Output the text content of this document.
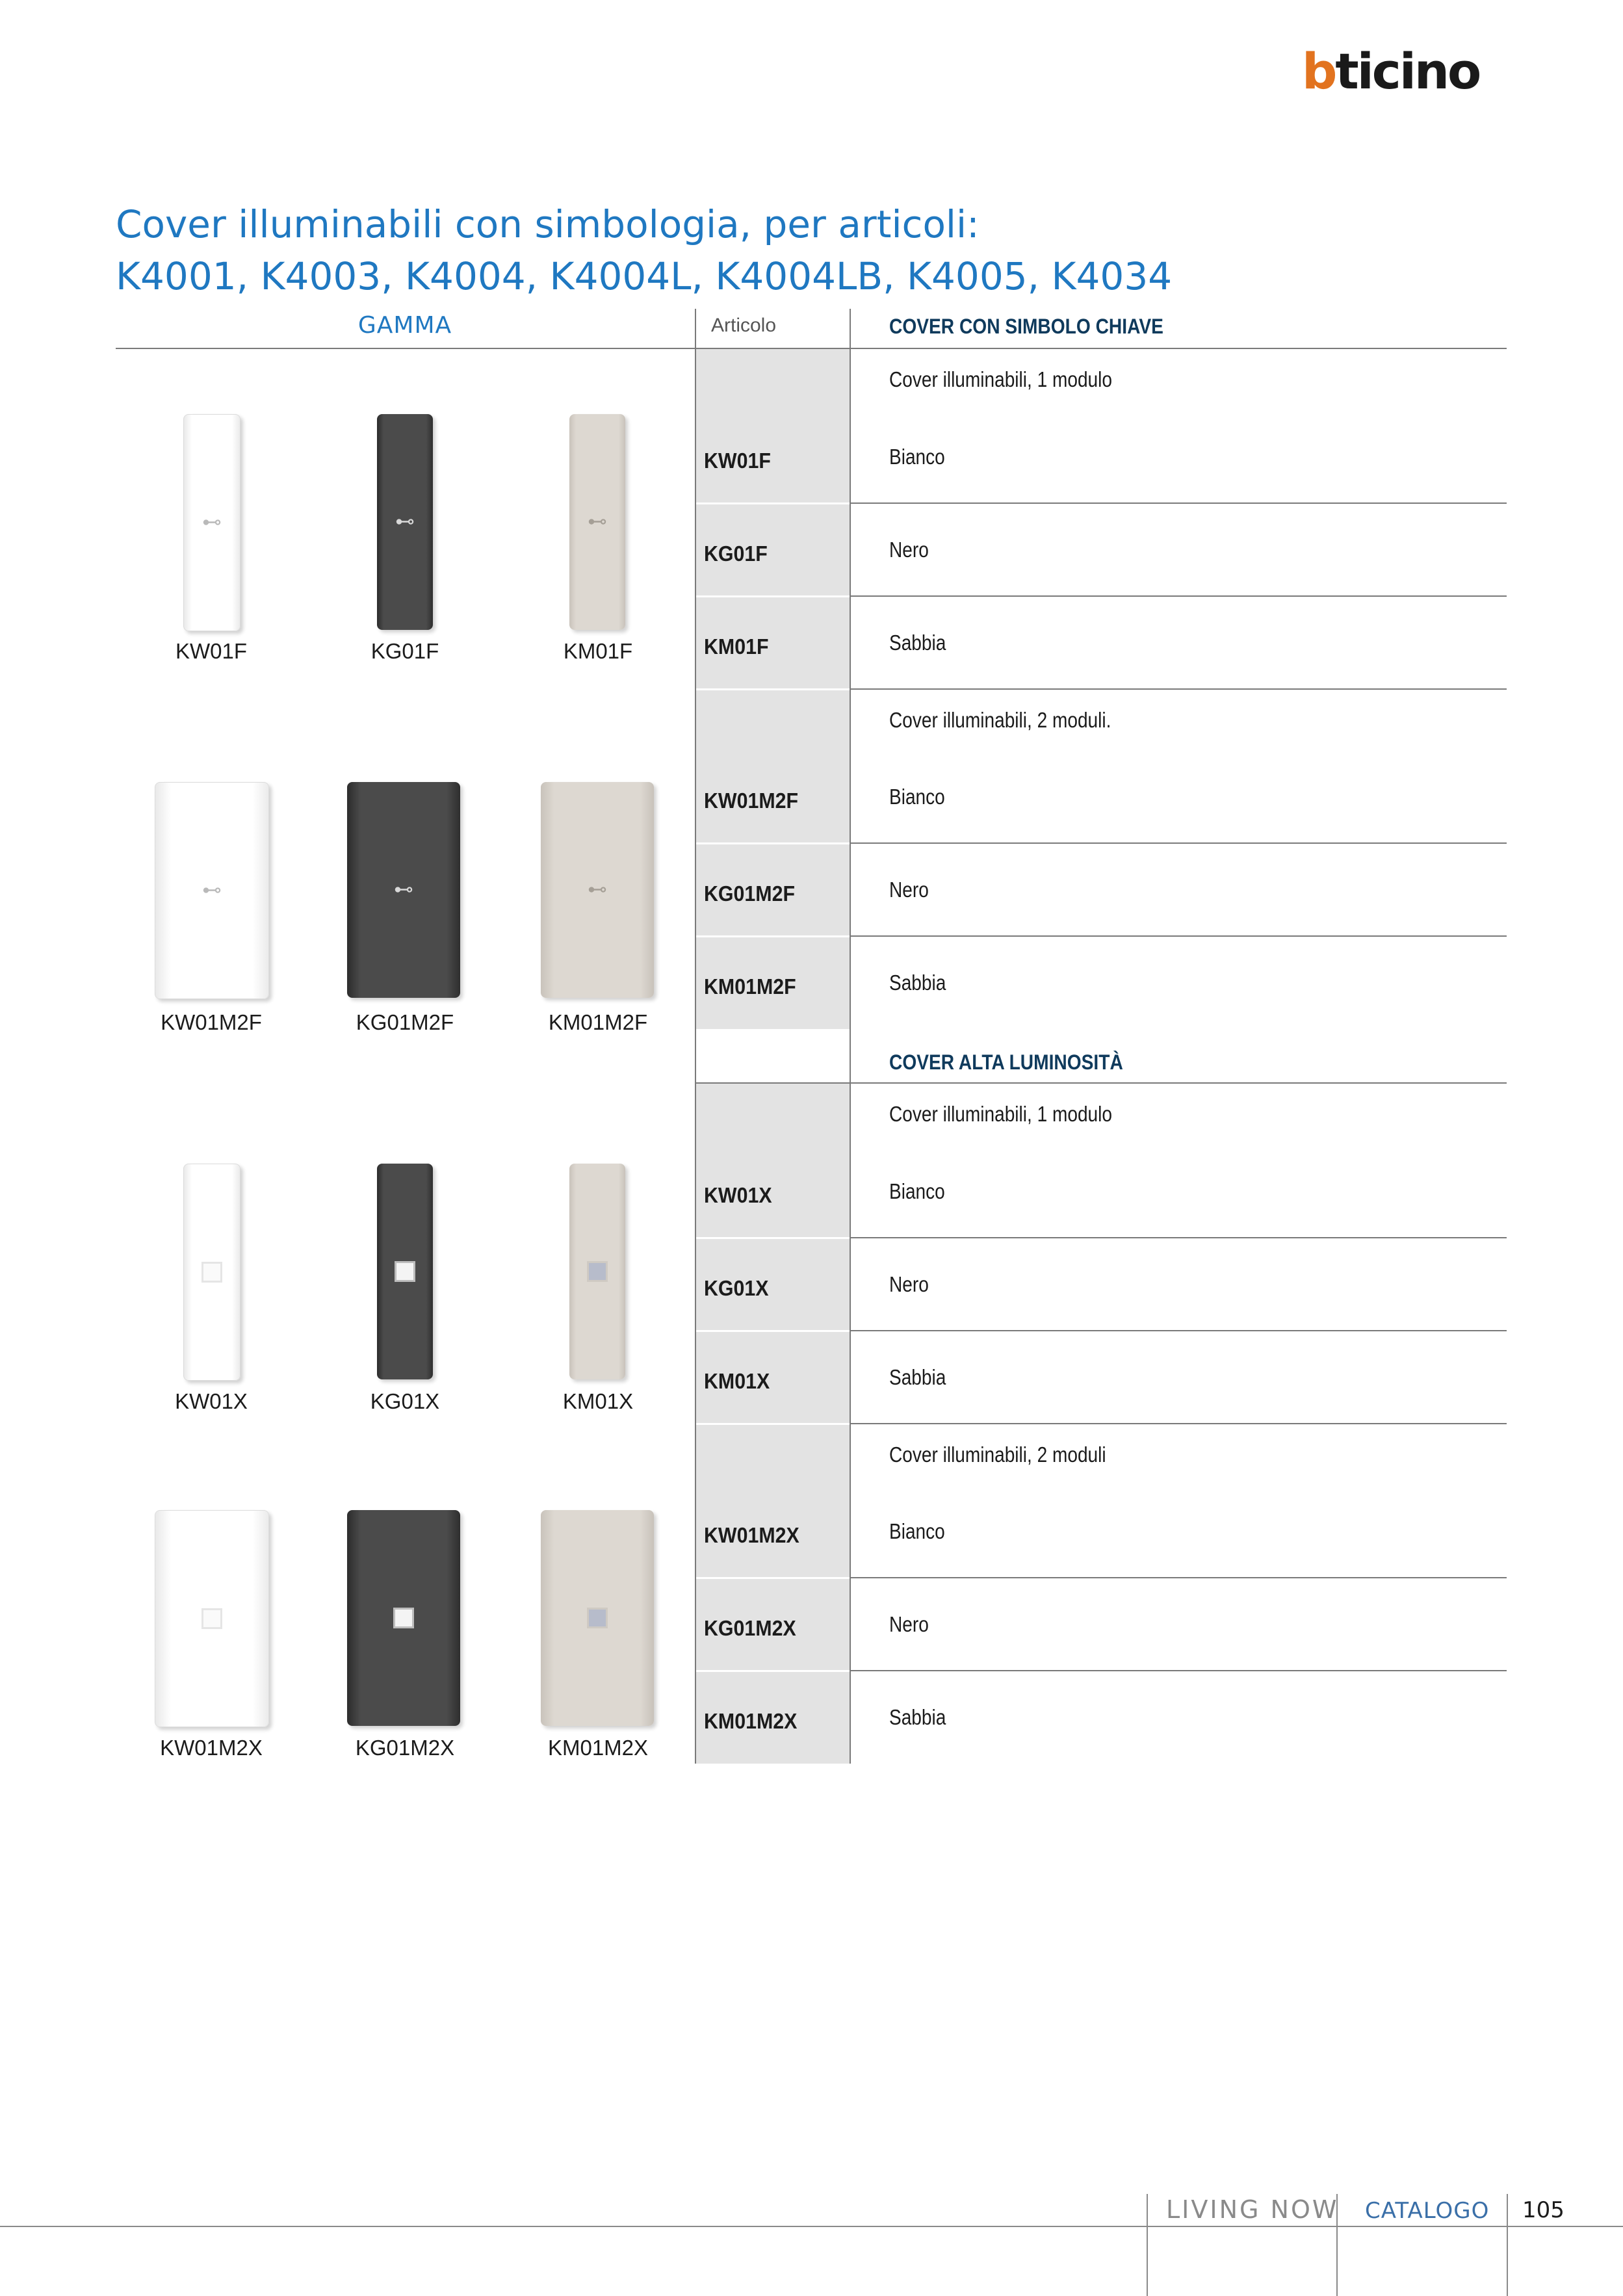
bticino
Cover illuminabili con simbologia, per articoli:
K4001, K4003, K4004, K4004L, K4004LB, K4005, K4034
GAMMA	Articolo	COVER CON SIMBOLO CHIAVE
COVER ALTA LUMINOSITÀ
Cover illuminabili, 1 modulo
KW01F	Bianco
KG01F	Nero
KM01F	Sabbia
Cover illuminabili, 2 moduli.
KW01M2F	Bianco
KG01M2F	Nero
KM01M2F	Sabbia
Cover illuminabili, 1 modulo
KW01X	Bianco
KG01X	Nero
KM01X	Sabbia
Cover illuminabili, 2 moduli
KW01M2X	Bianco
KG01M2X	Nero
KM01M2X	Sabbia
⊷	⊷	⊷
KW01F	KG01F	KM01F
⊷	⊷	⊷
KW01M2F	KG01M2F	KM01M2F
KW01X	KG01X	KM01X
KW01M2X	KG01M2X	KM01M2X
LIVING NOW CATALOGO 105
